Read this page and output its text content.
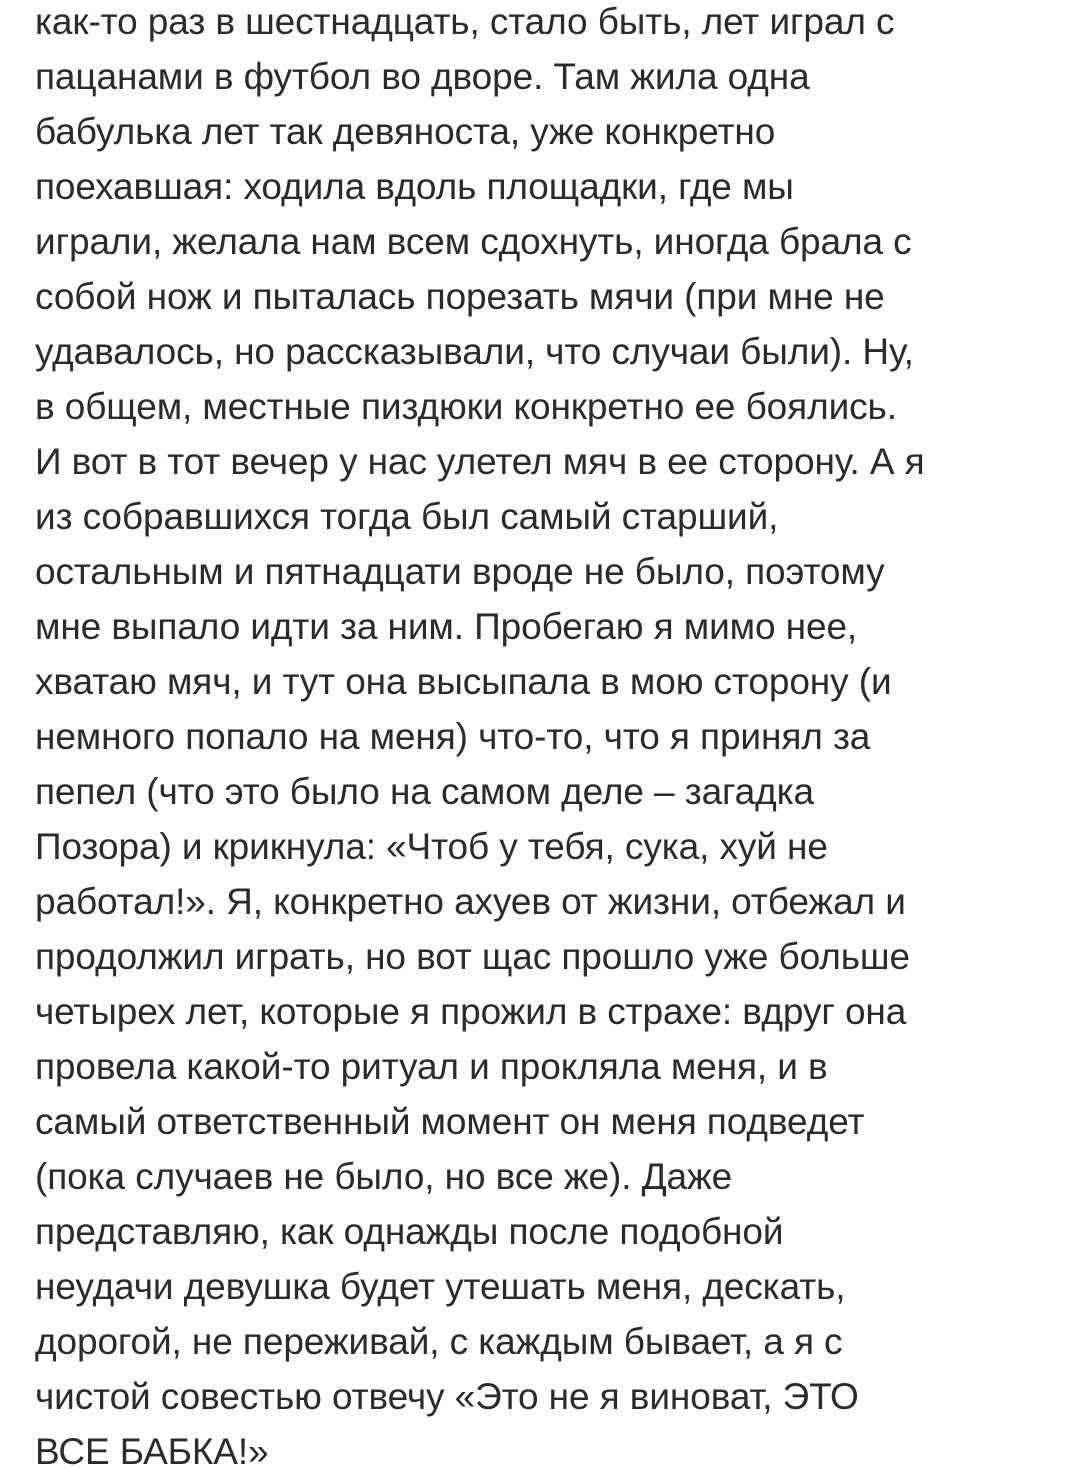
как-то раз в шестнадцать, стало быть, лет играл с
пацанами в футбол во дворе. Там жила одна
бабулька лет так девяноста, уже конкретно
поехавшая: ходила вдоль площадки, где мы
играли, желала нам всем сдохнуть, иногда брала с
собой нож и пыталась порезать мячи (при мне не
удавалось, но рассказывали, что случаи были). Ну,
в общем, местные пиздюки конкретно ее боялись.
И вот в тот вечер у нас улетел мяч в ее сторону. А я
из собравшихся тогда был самый старший,
остальным и пятнадцати вроде не было, поэтому
мне выпало идти за ним. Пробегаю я мимо нее,
хватаю мяч, и тут она высыпала в мою сторону (и
немного попало на меня) что-то, что я принял за
пепел (что это было на самом деле – загадка
Позора) и крикнула: «Чтоб у тебя, сука, хуй не
работал!». Я, конкретно ахуев от жизни, отбежал и
продолжил играть, но вот щас прошло уже больше
четырех лет, которые я прожил в страхе: вдруг она
провела какой-то ритуал и прокляла меня, и в
самый ответственный момент он меня подведет
(пока случаев не было, но все же). Даже
представляю, как однажды после подобной
неудачи девушка будет утешать меня, дескать,
дорогой, не переживай, с каждым бывает, а я с
чистой совестью отвечу «Это не я виноват, ЭТО
ВСЕ БАБКА!»
